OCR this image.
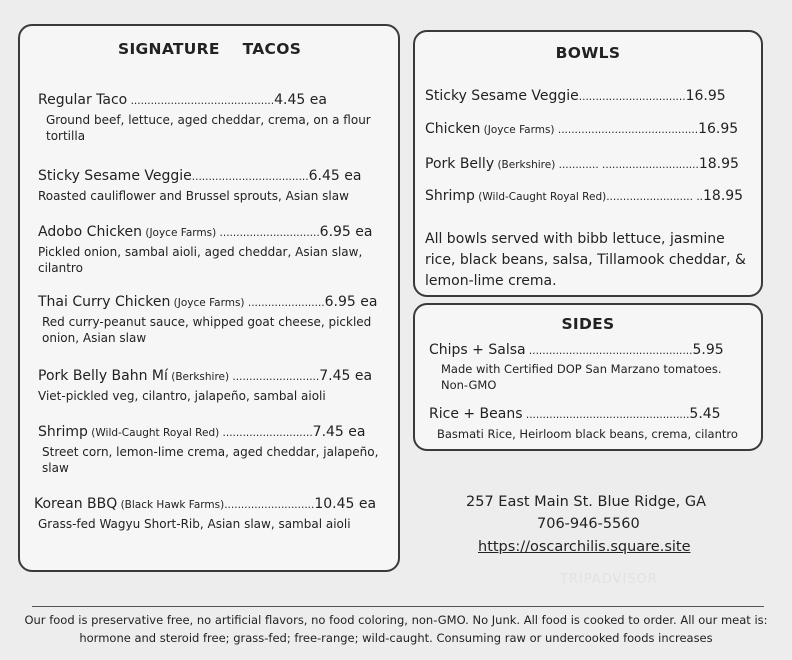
SIGNATURE    TACOS
Regular Taco ...........................................4.45 ea
Ground beef, lettuce, aged cheddar, crema, on a flour tortilla
Sticky Sesame Veggie...................................6.45 ea
Roasted cauliflower and Brussel sprouts, Asian slaw
Adobo Chicken (Joyce Farms) ..............................6.95 ea
Pickled onion, sambal aioli, aged cheddar, Asian slaw, cilantro
Thai Curry Chicken (Joyce Farms) .......................6.95 ea
Red curry-peanut sauce, whipped goat cheese, pickled onion, Asian slaw
Pork Belly Bahn Mí (Berkshire) ..........................7.45 ea
Viet-pickled veg, cilantro, jalapeño, sambal aioli
Shrimp (Wild-Caught Royal Red) ...........................7.45 ea
Street corn, lemon-lime crema, aged cheddar, jalapeño, slaw
Korean BBQ (Black Hawk Farms)...........................10.45 ea
Grass-fed Wagyu Short-Rib, Asian slaw, sambal aioli
BOWLS
Sticky Sesame Veggie................................16.95
Chicken (Joyce Farms) ..........................................16.95
Pork Belly (Berkshire) ............ .............................18.95
Shrimp (Wild-Caught Royal Red).......................... ..18.95
All bowls served with bibb lettuce, jasmine rice, black beans, salsa, Tillamook cheddar, & lemon-lime crema.
SIDES
Chips + Salsa .................................................5.95
Made with Certified DOP San Marzano tomatoes. Non-GMO
Rice + Beans .................................................5.45
Basmati Rice, Heirloom black beans, crema, cilantro
257 East Main St. Blue Ridge, GA
706-946-5560
https://oscarchilis.square.site
TRIPADVISOR
Our food is preservative free, no artificial flavors, no food coloring, non-GMO. No Junk. All food is cooked to order. All our meat is: hormone and steroid free; grass-fed; free-range; wild-caught. Consuming raw or undercooked foods increases
